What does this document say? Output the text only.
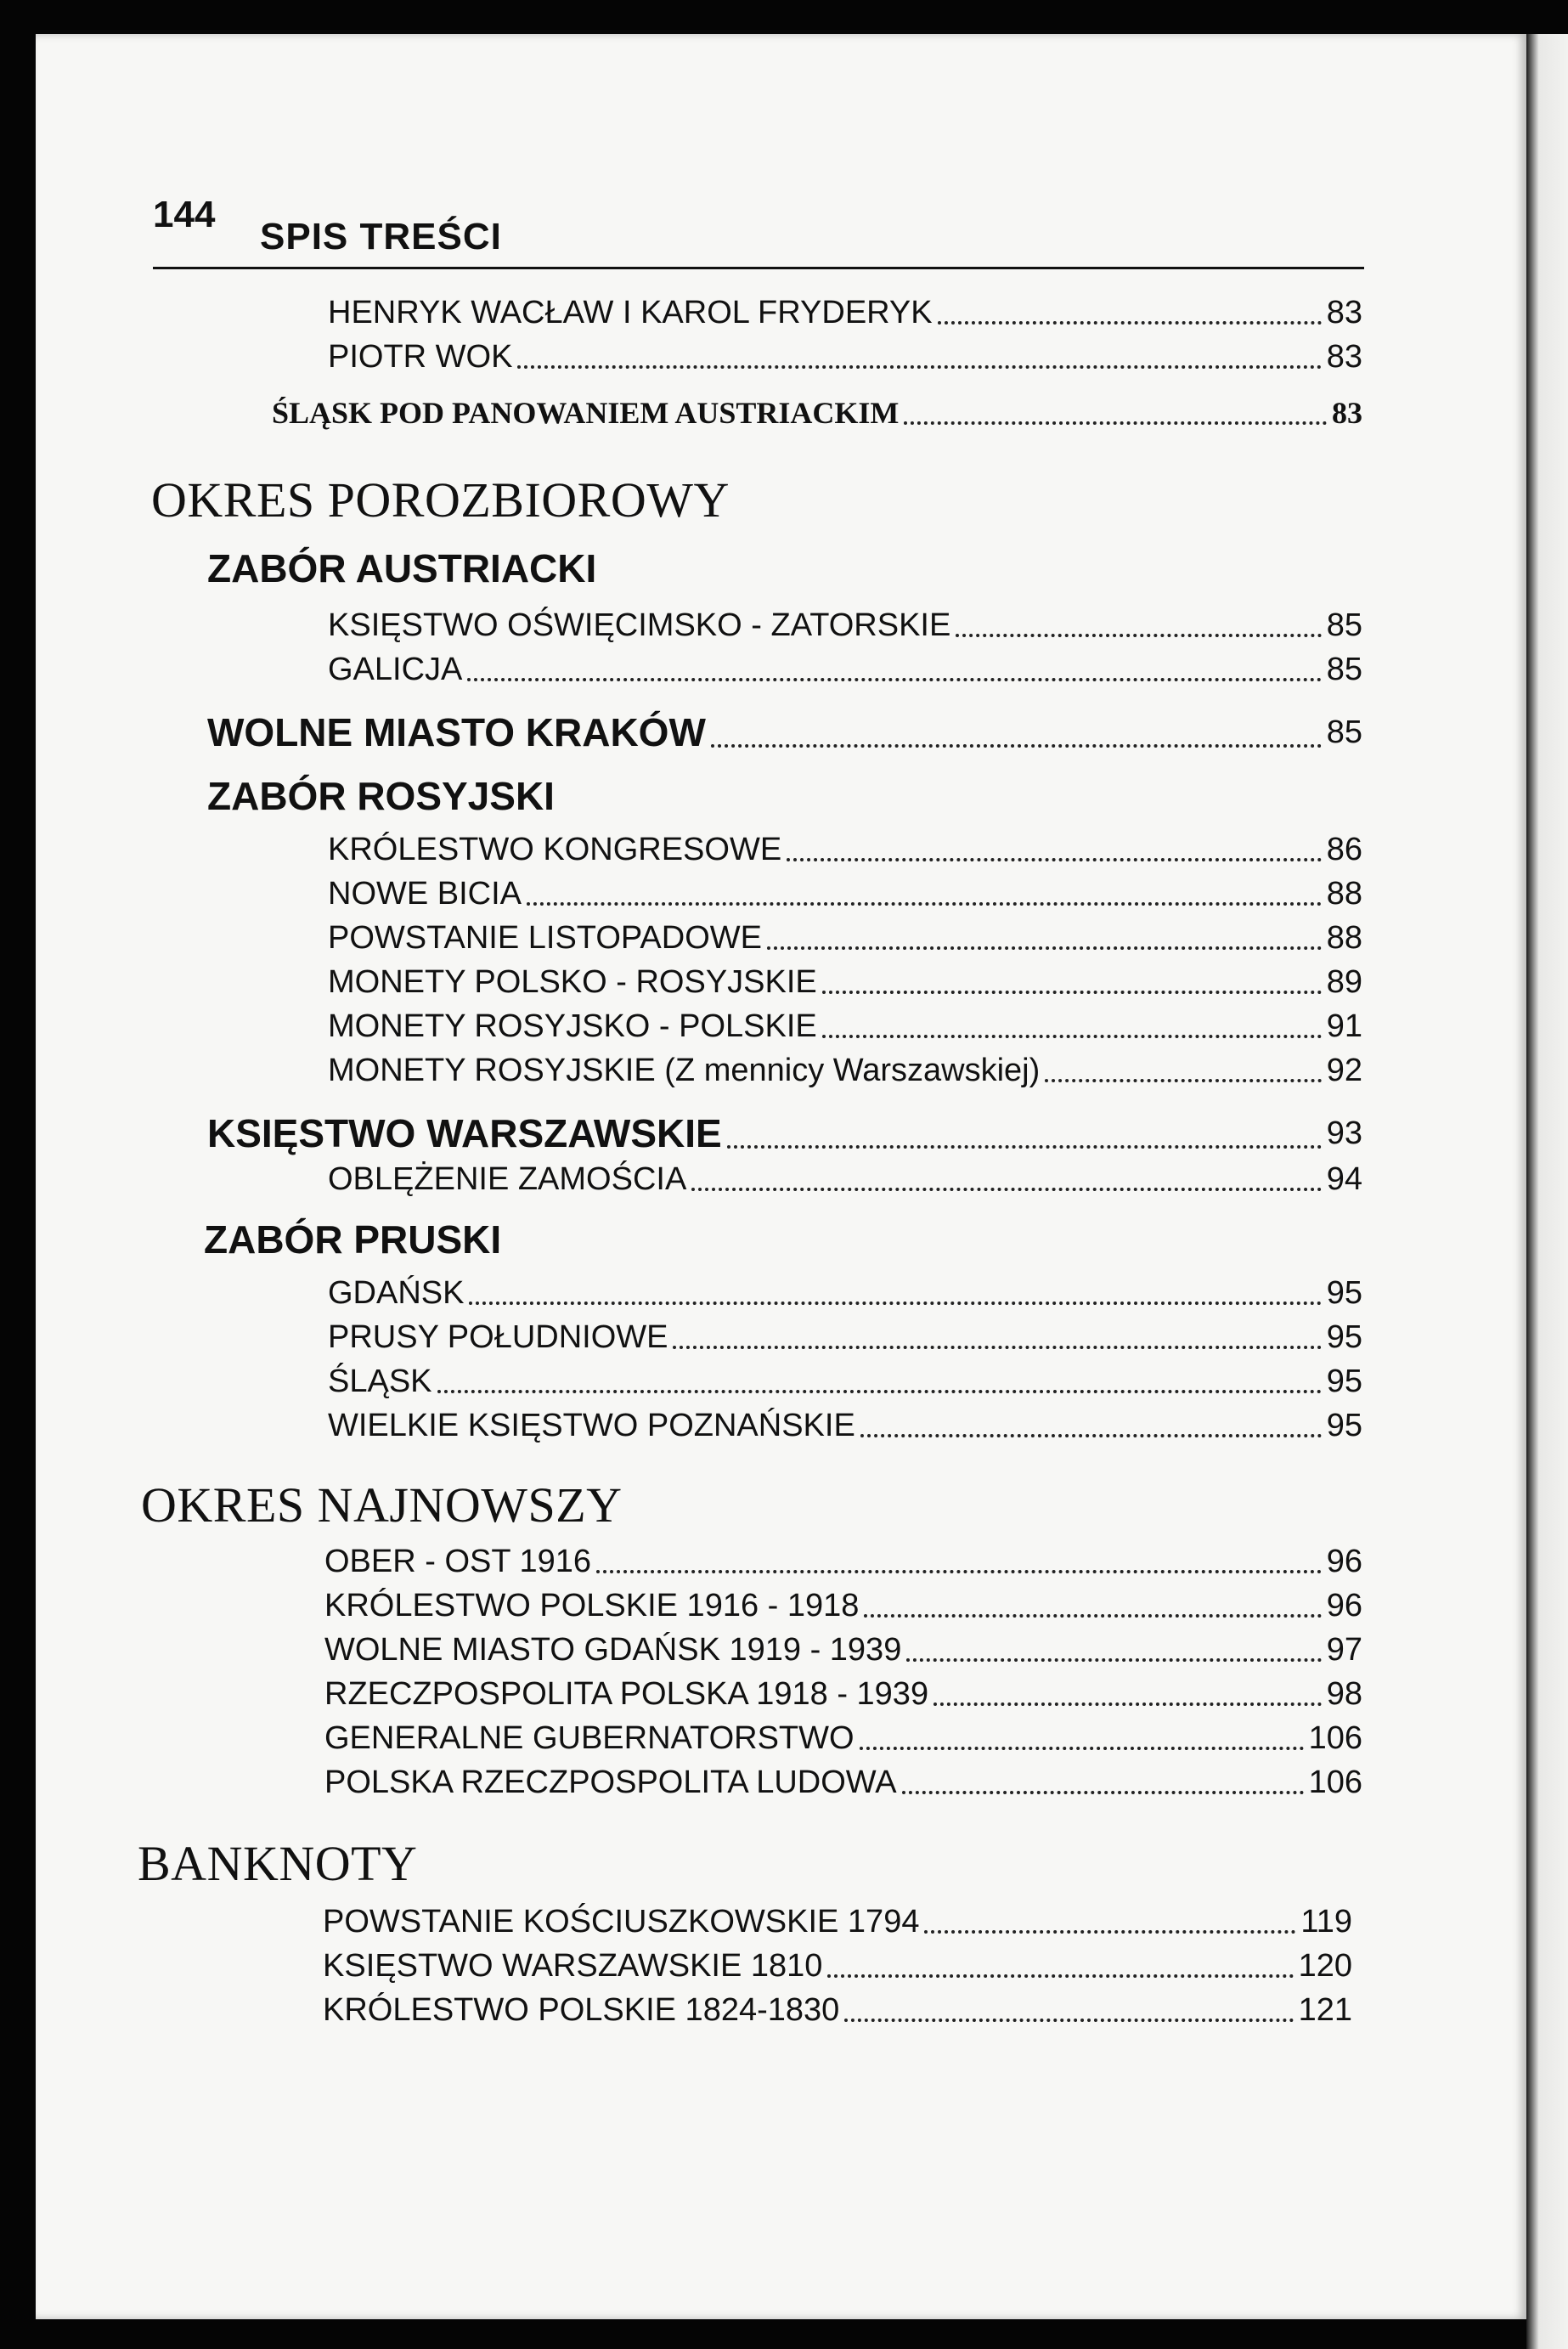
144
SPIS TREŚCI
HENRYK WACŁAW I KAROL FRYDERYK	83
PIOTR WOK	83
ŚLĄSK POD PANOWANIEM AUSTRIACKIM	83
OKRES POROZBIOROWY
ZABÓR AUSTRIACKI
KSIĘSTWO OŚWIĘCIMSKO - ZATORSKIE	85
GALICJA	85
WOLNE MIASTO KRAKÓW	85
ZABÓR ROSYJSKI
KRÓLESTWO KONGRESOWE	86
NOWE BICIA	88
POWSTANIE LISTOPADOWE	88
MONETY POLSKO - ROSYJSKIE	89
MONETY ROSYJSKO - POLSKIE	91
MONETY ROSYJSKIE (Z mennicy Warszawskiej)	92
KSIĘSTWO WARSZAWSKIE	93
OBLĘŻENIE ZAMOŚCIA	94
ZABÓR PRUSKI
GDAŃSK	95
PRUSY POŁUDNIOWE	95
ŚLĄSK	95
WIELKIE KSIĘSTWO POZNAŃSKIE	95
OKRES NAJNOWSZY
OBER - OST 1916	96
KRÓLESTWO POLSKIE 1916 - 1918	96
WOLNE MIASTO GDAŃSK 1919 - 1939	97
RZECZPOSPOLITA POLSKA 1918 - 1939	98
GENERALNE GUBERNATORSTWO	106
POLSKA RZECZPOSPOLITA LUDOWA	106
BANKNOTY
POWSTANIE KOŚCIUSZKOWSKIE 1794	119
KSIĘSTWO WARSZAWSKIE 1810	120
KRÓLESTWO POLSKIE 1824-1830	121
